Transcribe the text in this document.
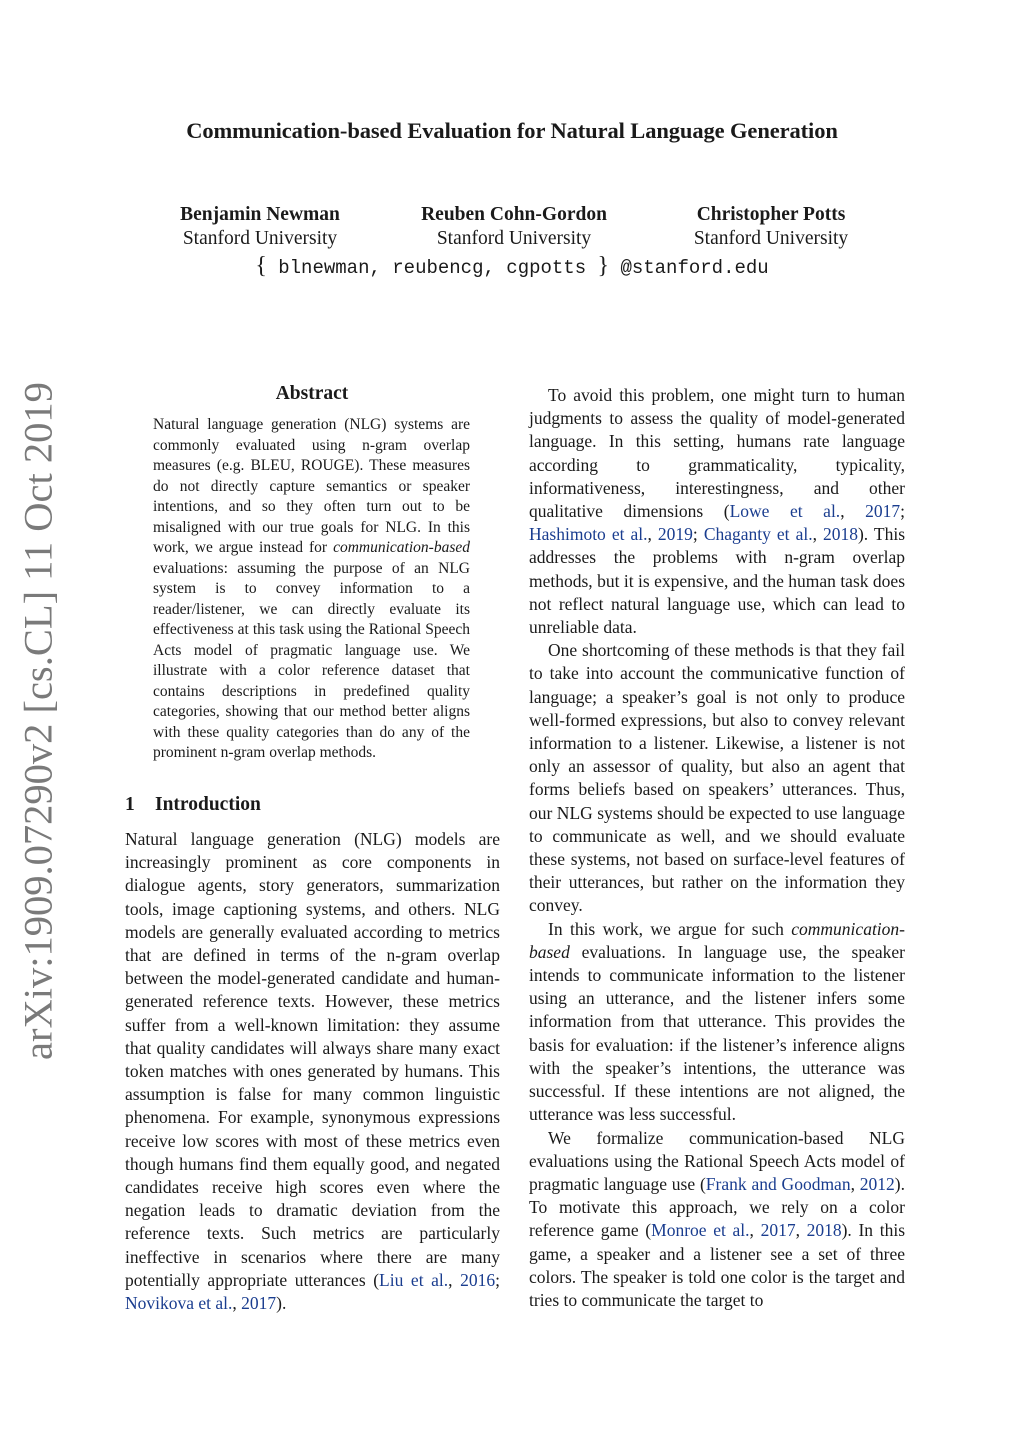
Communication-based Evaluation for Natural Language Generation
Benjamin Newman
Stanford University
Reuben Cohn-Gordon
Stanford University
Christopher Potts
Stanford University
{ blnewman, reubencg, cgpotts } @stanford.edu
arXiv:1909.07290v2 [cs.CL] 11 Oct 2019	Abstract
Natural language generation (NLG) systems are commonly evaluated using n-gram overlap measures (e.g. BLEU, ROUGE). These measures do not directly capture semantics or speaker intentions, and so they often turn out to be misaligned with our true goals for NLG. In this work, we argue instead for communication-based evaluations: assuming the purpose of an NLG system is to convey information to a reader/listener, we can directly evaluate its effectiveness at this task using the Rational Speech Acts model of pragmatic language use. We illustrate with a color reference dataset that contains descriptions in predefined quality categories, showing that our method better aligns with these quality categories than do any of the prominent n-gram overlap methods.
1 Introduction

Natural language generation (NLG) models are increasingly prominent as core components in dialogue agents, story generators, summarization tools, image captioning systems, and others. NLG models are generally evaluated according to metrics that are defined in terms of the n-gram overlap between the model-generated candidate and human-generated reference texts. However, these metrics suffer from a well-known limitation: they assume that quality candidates will always share many exact token matches with ones generated by humans. This assumption is false for many common linguistic phenomena. For example, synonymous expressions receive low scores with most of these metrics even though humans find them equally good, and negated candidates receive high scores even where the negation leads to dramatic deviation from the reference texts. Such metrics are particularly ineffective in scenarios where there are many potentially appropriate utterances (Liu et al., 2016; Novikova et al., 2017).

To avoid this problem, one might turn to human judgments to assess the quality of model-generated language. In this setting, humans rate language according to grammaticality, typicality, informativeness, interestingness, and other qualitative dimensions (Lowe et al., 2017; Hashimoto et al., 2019; Chaganty et al., 2018). This addresses the problems with n-gram overlap methods, but it is expensive, and the human task does not reflect natural language use, which can lead to unreliable data.

One shortcoming of these methods is that they fail to take into account the communicative function of language; a speaker’s goal is not only to produce well-formed expressions, but also to convey relevant information to a listener. Likewise, a listener is not only an assessor of quality, but also an agent that forms beliefs based on speakers’ utterances. Thus, our NLG systems should be expected to use language to communicate as well, and we should evaluate these systems, not based on surface-level features of their utterances, but rather on the information they convey.

In this work, we argue for such communication-based evaluations. In language use, the speaker intends to communicate information to the listener using an utterance, and the listener infers some information from that utterance. This provides the basis for evaluation: if the listener’s inference aligns with the speaker’s intentions, the utterance was successful. If these intentions are not aligned, the utterance was less successful.

We formalize communication-based NLG evaluations using the Rational Speech Acts model of pragmatic language use (Frank and Goodman, 2012). To motivate this approach, we rely on a color reference game (Monroe et al., 2017, 2018). In this game, a speaker and a listener see a set of three colors. The speaker is told one color is the target and tries to communicate the target to
